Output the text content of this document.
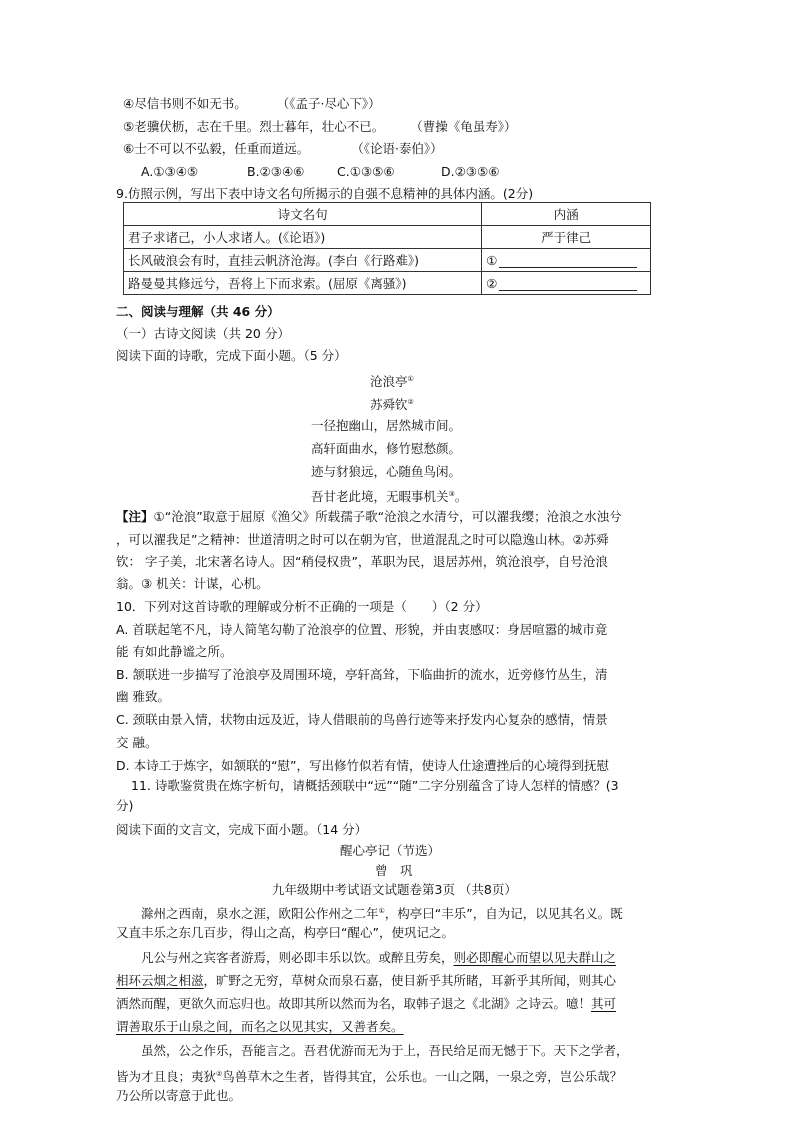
④尽信书则不如无书。 （《孟子·尽心下》）
⑤老骥伏枥，志在千里。烈士暮年，壮心不已。 （曹操《龟虽寿》）
⑥士不可以不弘毅，任重而道远。	（《论语·泰伯》）
A.①③④⑤	B.②③④⑥	C.①③⑤⑥	D.②③⑤⑥
9.仿照示例，写出下表中诗文名句所揭示的自强不息精神的具体内涵。(2分)
诗文名句	内涵
君子求诸己，小人求诸人。(《论语》)	严于律己
长风破浪会有时，直挂云帆济沧海。(李白《行路难》)	①
路曼曼其修远兮，吾将上下而求索。(屈原《离骚》)	②
二、阅读与理解（共 46 分）
（一）古诗文阅读（共 20 分）
阅读下面的诗歌，完成下面小题。（5 分）
沧浪亭①
苏舜钦②
一径抱幽山，居然城市间。
高轩面曲水，修竹慰愁颜。
迹与豺狼远，心随鱼鸟闲。
吾甘老此境，无暇事机关③。
【注】①“沧浪”取意于屈原《渔父》所载孺子歌“沧浪之水清兮，可以濯我缨；沧浪之水浊兮
，可以濯我足”之精神：世道清明之时可以在朝为官，世道混乱之时可以隐逸山林。②苏舜
钦： 字子美，北宋著名诗人。因“稍侵权贵”，革职为民，退居苏州，筑沧浪亭，自号沧浪
翁。③ 机关：计谋，心机。
10．下列对这首诗歌的理解或分析不正确的一项是（　　）（2 分）
A. 首联起笔不凡，诗人简笔勾勒了沧浪亭的位置、形貌，并由衷感叹：身居喧嚣的城市竟
能 有如此静谧之所。
B. 颔联进一步描写了沧浪亭及周围环境，亭轩高耸，下临曲折的流水，近旁修竹丛生，清
幽 雅致。
C. 颈联由景入情，状物由远及近，诗人借眼前的鸟兽行迹等来抒发内心复杂的感情，情景
交 融。
D. 本诗工于炼字，如颔联的“慰”，写出修竹似若有情，使诗人仕途遭挫后的心境得到抚慰
11. 诗歌鉴赏贵在炼字析句，请概括颈联中“远”“随”二字分别蕴含了诗人怎样的情感？(3
分)
阅读下面的文言文，完成下面小题。（14 分）
醒心亭记（节选）
曾　巩
九年级期中考试语文试题卷第3页 （共8页）
滁州之西南，泉水之涯，欧阳公作州之二年①，构亭曰“丰乐”，自为记，以见其名义。既
又直丰乐之东几百步，得山之高，构亭曰“醒心”，使巩记之。
凡公与州之宾客者游焉，则必即丰乐以饮。或醉且劳矣，则必即醒心而望以见夫群山之
相环云烟之相滋，旷野之无穷，草树众而泉石嘉，使目新乎其所睹，耳新乎其所闻，则其心
洒然而醒，更欲久而忘归也。故即其所以然而为名，取韩子退之《北湖》之诗云。噫！其可
谓善取乐于山泉之间，而名之以见其实，又善者矣。
虽然，公之作乐，吾能言之。吾君优游而无为于上，吾民给足而无憾于下。天下之学者，
皆为才且良；夷狄②鸟兽草木之生者，皆得其宜，公乐也。一山之隅，一泉之旁，岂公乐哉？
乃公所以寄意于此也。
